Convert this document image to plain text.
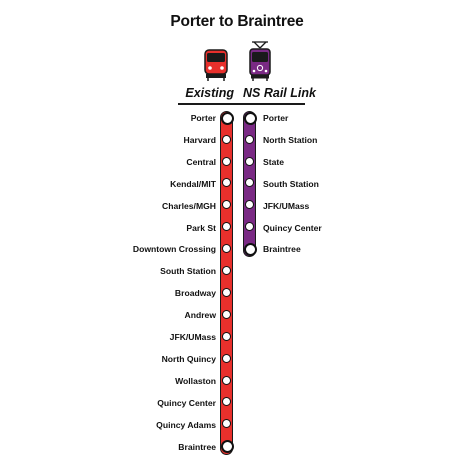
Porter to Braintree
Existing NS Rail Link
Porter
Harvard
Central
Kendal/MIT
Charles/MGH
Park St
Downtown Crossing
South Station
Broadway
Andrew
JFK/UMass
North Quincy
Wollaston
Quincy Center
Quincy Adams
Braintree
Porter
North Station
State
South Station
JFK/UMass
Quincy Center
Braintree
